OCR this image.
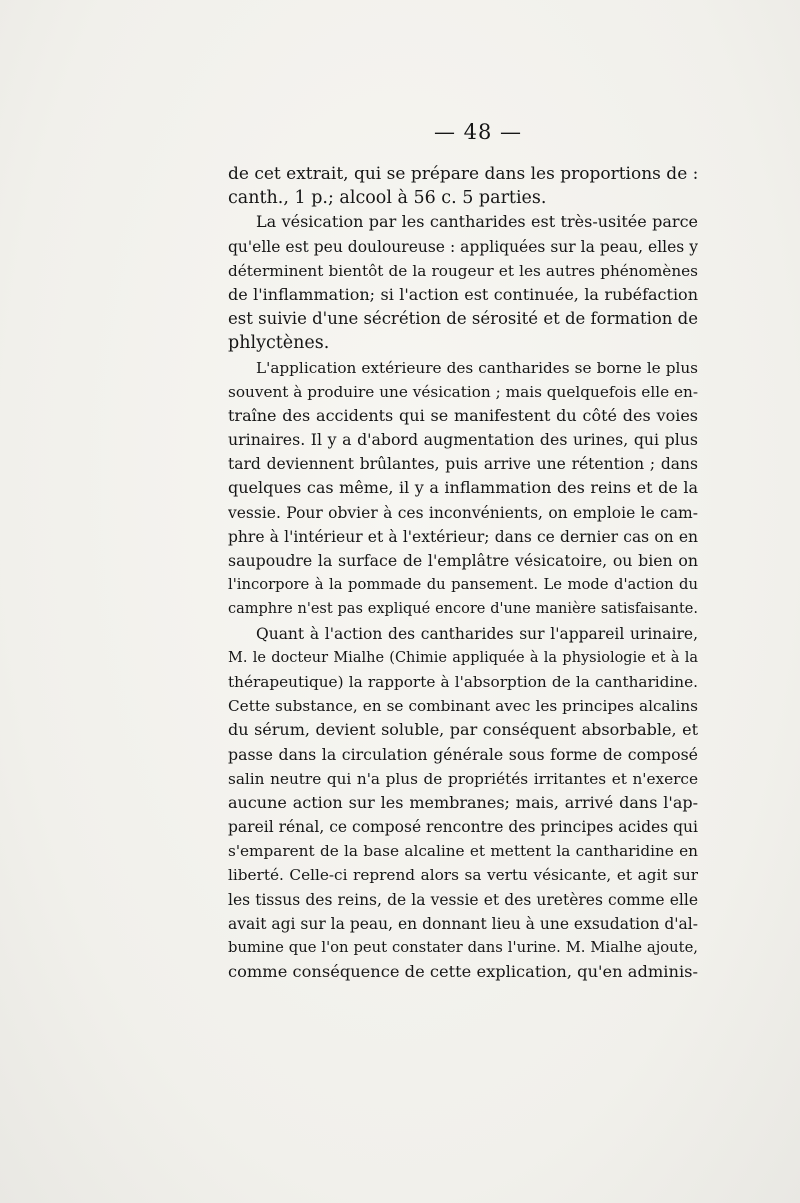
— 48 —
de cet extrait, qui se prépare dans les proportions de :
canth., 1 p.; alcool à 56 c. 5 parties.
La vésication par les cantharides est très-usitée parce
qu'elle est peu douloureuse : appliquées sur la peau, elles y
déterminent bientôt de la rougeur et les autres phénomènes
de l'inflammation; si l'action est continuée, la rubéfaction
est suivie d'une sécrétion de sérosité et de formation de
phlyctènes.
L'application extérieure des cantharides se borne le plus
souvent à produire une vésication ; mais quelquefois elle en-
traîne des accidents qui se manifestent du côté des voies
urinaires. Il y a d'abord augmentation des urines, qui plus
tard deviennent brûlantes, puis arrive une rétention ; dans
quelques cas même, il y a inflammation des reins et de la
vessie. Pour obvier à ces inconvénients, on emploie le cam-
phre à l'intérieur et à l'extérieur; dans ce dernier cas on en
saupoudre la surface de l'emplâtre vésicatoire, ou bien on
l'incorpore à la pommade du pansement. Le mode d'action du
camphre n'est pas expliqué encore d'une manière satisfaisante.
Quant à l'action des cantharides sur l'appareil urinaire,
M. le docteur Mialhe (Chimie appliquée à la physiologie et à la
thérapeutique) la rapporte à l'absorption de la cantharidine.
Cette substance, en se combinant avec les principes alcalins
du sérum, devient soluble, par conséquent absorbable, et
passe dans la circulation générale sous forme de composé
salin neutre qui n'a plus de propriétés irritantes et n'exerce
aucune action sur les membranes; mais, arrivé dans l'ap-
pareil rénal, ce composé rencontre des principes acides qui
s'emparent de la base alcaline et mettent la cantharidine en
liberté. Celle-ci reprend alors sa vertu vésicante, et agit sur
les tissus des reins, de la vessie et des uretères comme elle
avait agi sur la peau, en donnant lieu à une exsudation d'al-
bumine que l'on peut constater dans l'urine. M. Mialhe ajoute,
comme conséquence de cette explication, qu'en adminis-
